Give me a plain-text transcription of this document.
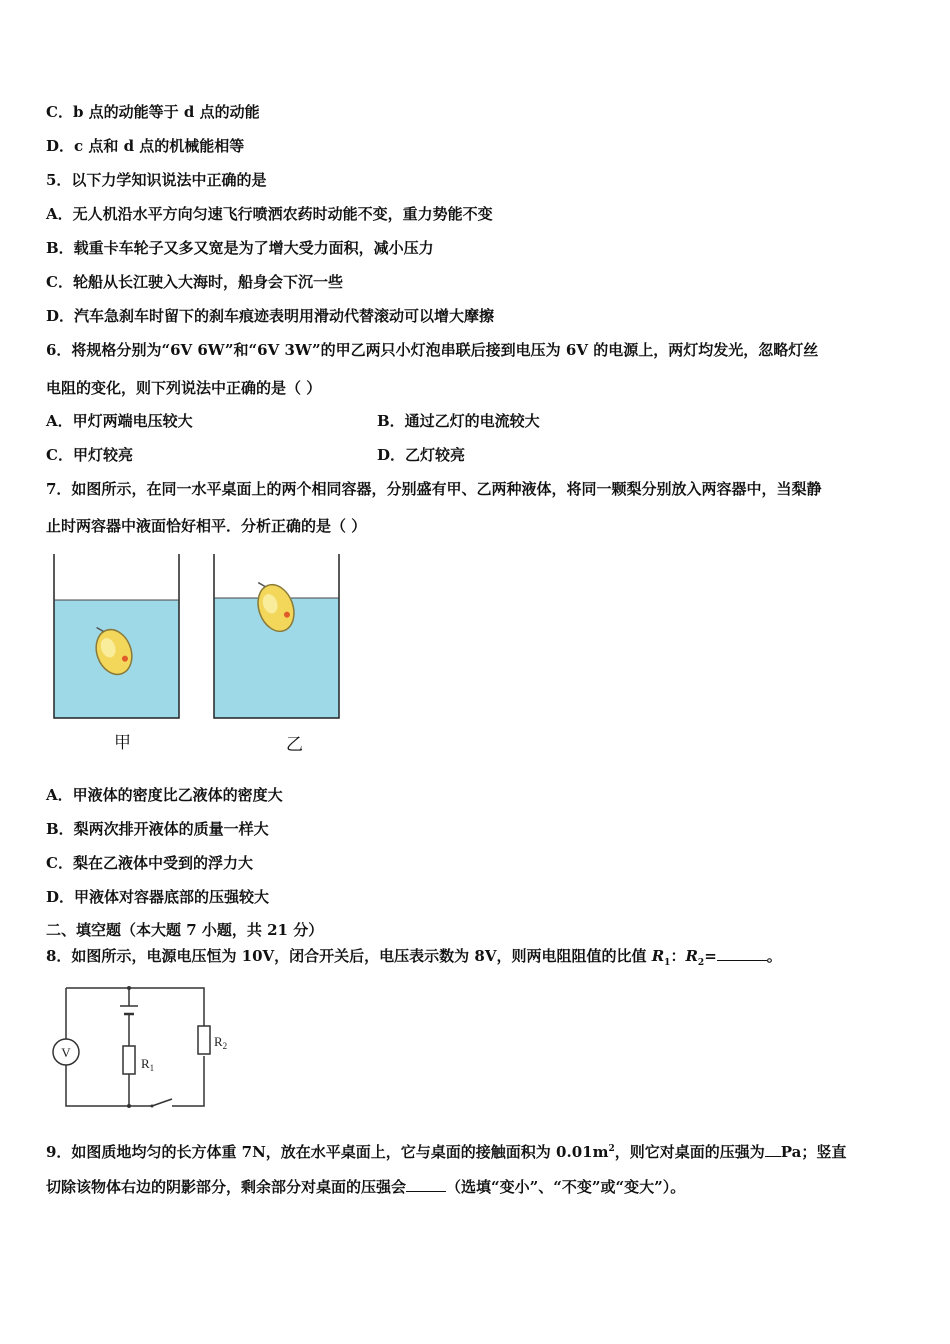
C．b 点的动能等于 d 点的动能
D．c 点和 d 点的机械能相等
5．以下力学知识说法中正确的是
A．无人机沿水平方向匀速飞行喷洒农药时动能不变，重力势能不变
B．载重卡车轮子又多又宽是为了增大受力面积，减小压力
C．轮船从长江驶入大海时，船身会下沉一些
D．汽车急刹车时留下的刹车痕迹表明用滑动代替滚动可以增大摩擦
6．将规格分别为“6V 6W”和“6V 3W”的甲乙两只小灯泡串联后接到电压为 6V 的电源上，两灯均发光，忽略灯丝
电阻的变化，则下列说法中正确的是（ ）
A．甲灯两端电压较大	B．通过乙灯的电流较大
C．甲灯较亮	D．乙灯较亮
7．如图所示，在同一水平桌面上的两个相同容器，分别盛有甲、乙两种液体，将同一颗梨分别放入两容器中，当梨静
止时两容器中液面恰好相平．分析正确的是（ ）
甲	乙
A．甲液体的密度比乙液体的密度大
B．梨两次排开液体的质量一样大
C．梨在乙液体中受到的浮力大
D．甲液体对容器底部的压强较大
二、填空题（本大题 7 小题，共 21 分）
8．如图所示，电源电压恒为 10V，闭合开关后，电压表示数为 8V，则两电阻阻值的比值 $R_1$：$R_2=$	。
V
$R_1$
$R_2$
9．如图质地均匀的长方体重 7N，放在水平桌面上，它与桌面的接触面积为 $0.01m^2$，则它对桌面的压强为 Pa；竖直
切除该物体右边的阴影部分，剩余部分对桌面的压强会	（选填“变小”、“不变”或“变大”）。
